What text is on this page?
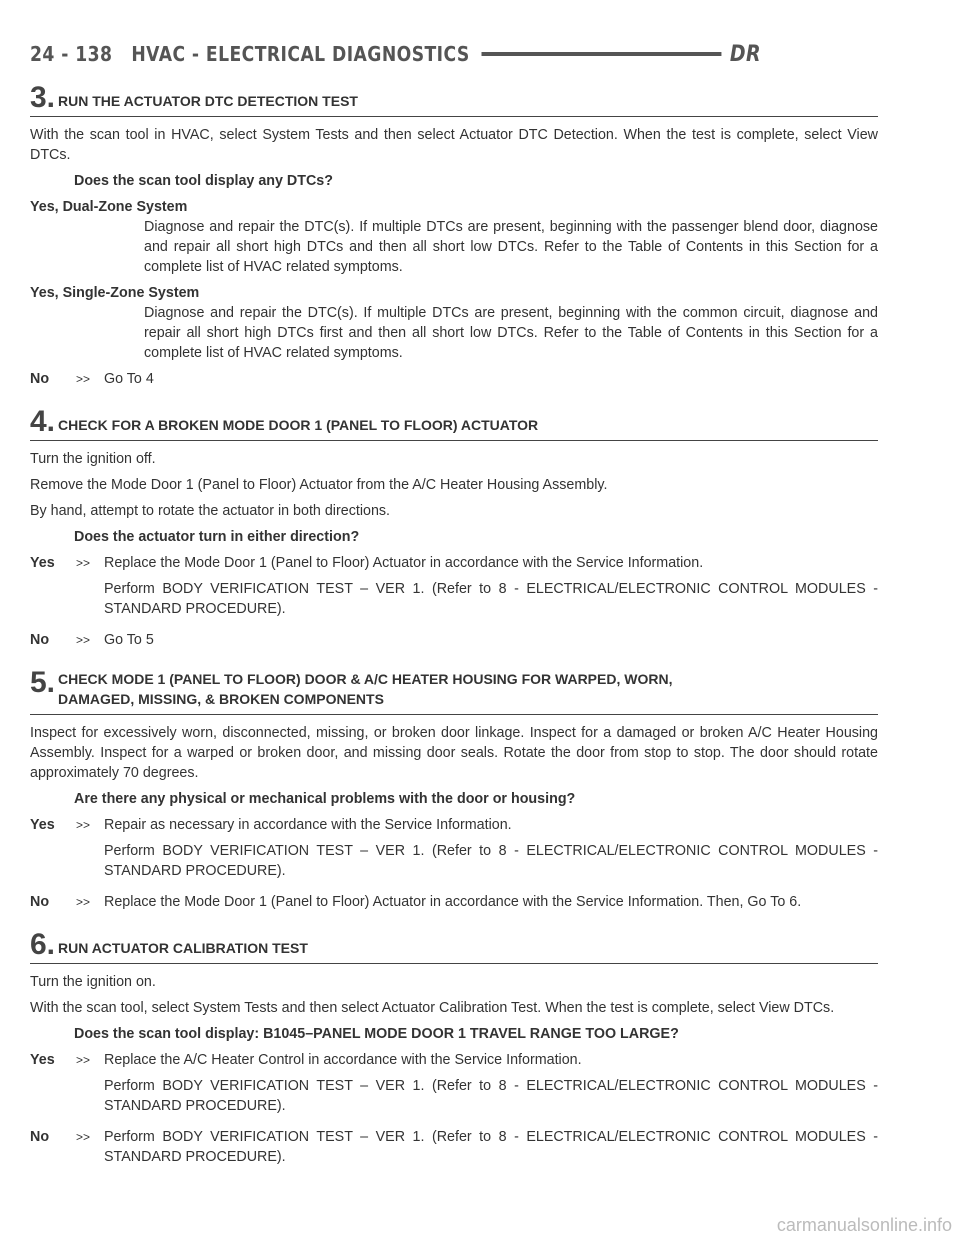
24 - 138 HVAC - ELECTRICAL DIAGNOSTICS	DR
3. RUN THE ACTUATOR DTC DETECTION TEST

With the scan tool in HVAC, select System Tests and then select Actuator DTC Detection. When the test is complete, select View DTCs.

Does the scan tool display any DTCs?

Yes, Dual-Zone System
Diagnose and repair the DTC(s). If multiple DTCs are present, beginning with the passenger blend door, diagnose and repair all short high DTCs and then all short low DTCs. Refer to the Table of Contents in this Section for a complete list of HVAC related symptoms.
Yes, Single-Zone System
Diagnose and repair the DTC(s). If multiple DTCs are present, beginning with the common circuit, diagnose and repair all short high DTCs first and then all short low DTCs. Refer to the Table of Contents in this Section for a complete list of HVAC related symptoms.
No	>> Go To 4
4. CHECK FOR A BROKEN MODE DOOR 1 (PANEL TO FLOOR) ACTUATOR

Turn the ignition off.

Remove the Mode Door 1 (Panel to Floor) Actuator from the A/C Heater Housing Assembly.

By hand, attempt to rotate the actuator in both directions.

Does the actuator turn in either direction?

Yes	>> Replace the Mode Door 1 (Panel to Floor) Actuator in accordance with the Service Information.

Perform BODY VERIFICATION TEST – VER 1. (Refer to 8 - ELECTRICAL/ELECTRONIC CONTROL MODULES - STANDARD PROCEDURE).

No	>> Go To 5
5. CHECK MODE 1 (PANEL TO FLOOR) DOOR & A/C HEATER HOUSING FOR WARPED, WORN,
DAMAGED, MISSING, & BROKEN COMPONENTS

Inspect for excessively worn, disconnected, missing, or broken door linkage. Inspect for a damaged or broken A/C Heater Housing Assembly. Inspect for a warped or broken door, and missing door seals. Rotate the door from stop to stop. The door should rotate approximately 70 degrees.

Are there any physical or mechanical problems with the door or housing?

Yes	>> Repair as necessary in accordance with the Service Information.

Perform BODY VERIFICATION TEST – VER 1. (Refer to 8 - ELECTRICAL/ELECTRONIC CONTROL MODULES - STANDARD PROCEDURE).

No	>> Replace the Mode Door 1 (Panel to Floor) Actuator in accordance with the Service Information. Then, Go To 6.
6. RUN ACTUATOR CALIBRATION TEST

Turn the ignition on.

With the scan tool, select System Tests and then select Actuator Calibration Test. When the test is complete, select View DTCs.

Does the scan tool display: B1045–PANEL MODE DOOR 1 TRAVEL RANGE TOO LARGE?

Yes	>> Replace the A/C Heater Control in accordance with the Service Information.

Perform BODY VERIFICATION TEST – VER 1. (Refer to 8 - ELECTRICAL/ELECTRONIC CONTROL MODULES - STANDARD PROCEDURE).

No	>> Perform BODY VERIFICATION TEST – VER 1. (Refer to 8 - ELECTRICAL/ELECTRONIC CONTROL MODULES - STANDARD PROCEDURE).
carmanualsonline.info
